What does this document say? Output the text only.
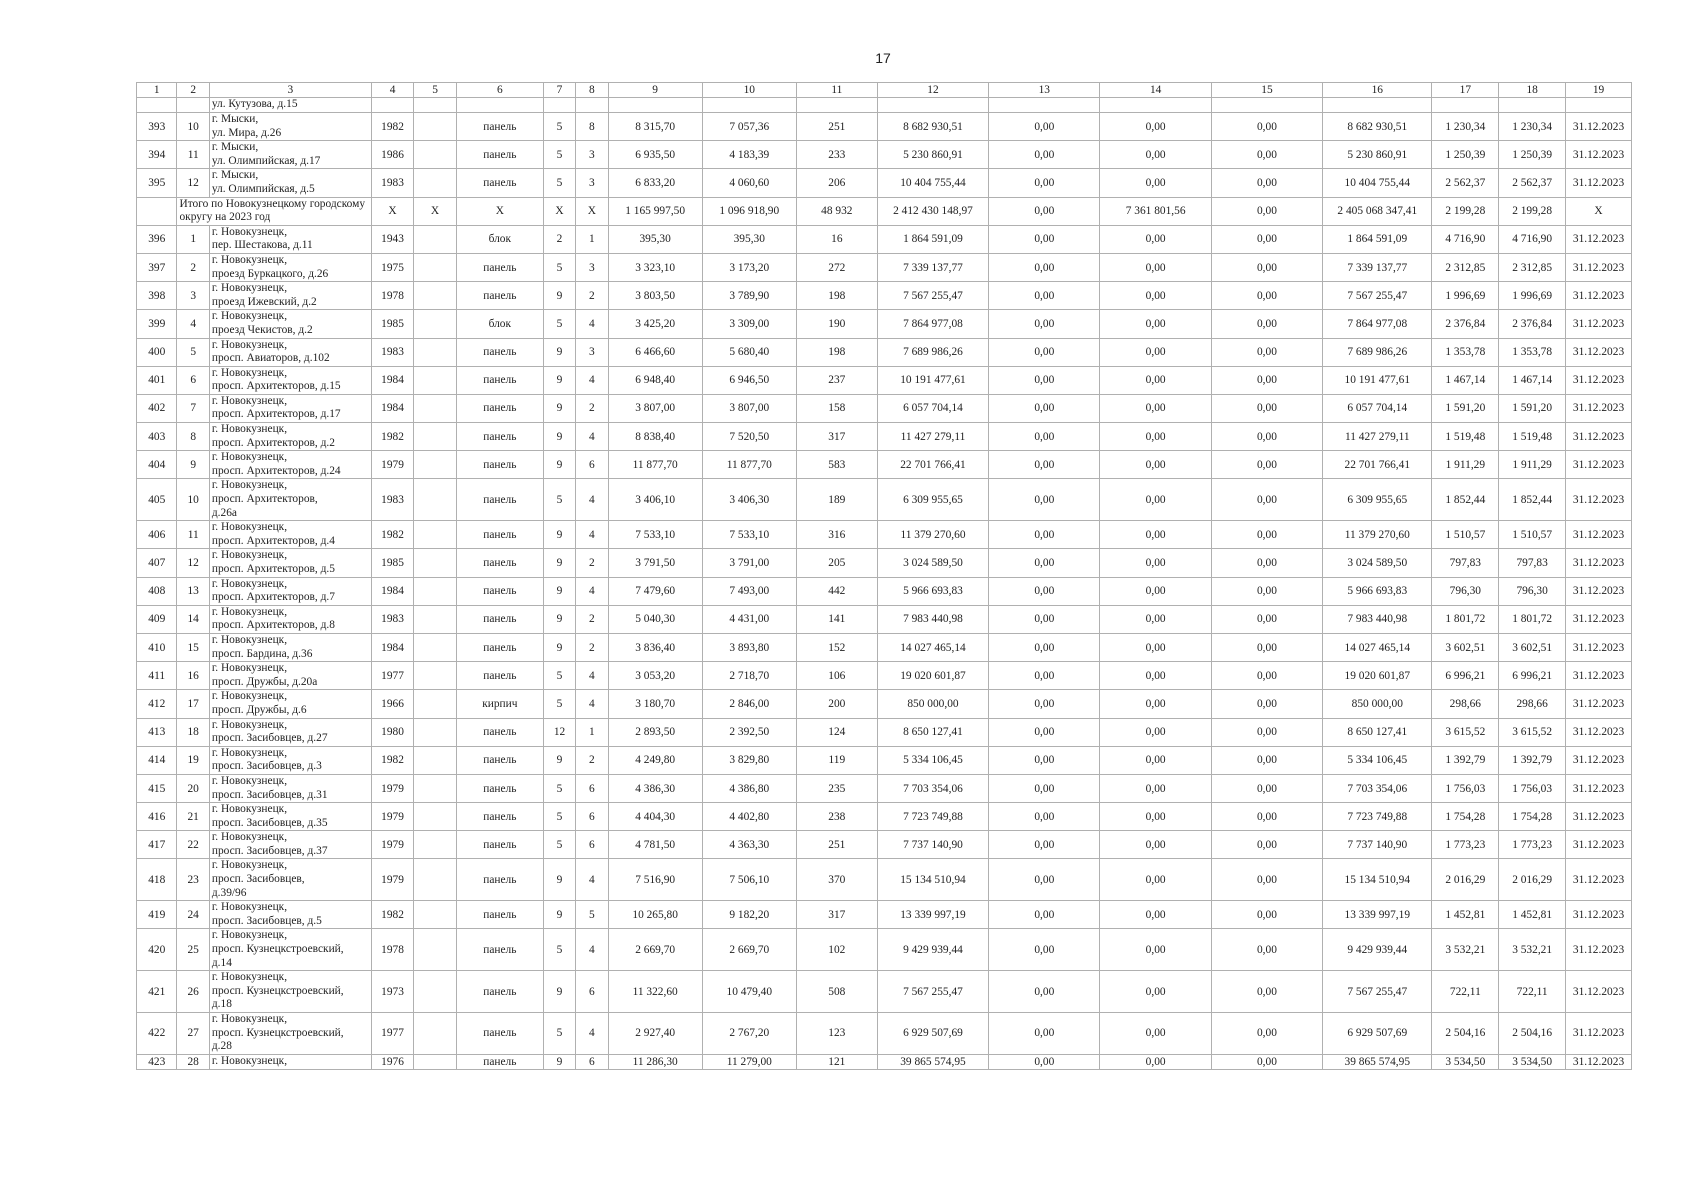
17
1	2	3	4	5	6	7	8	9	10	11	12	13	14	15	16	17	18	19
		ул. Кутузова, д.15																
393	10	г. Мыски,
ул. Мира, д.26	1982		панель	5	8	8 315,70	7 057,36	251	8 682 930,51	0,00	0,00	0,00	8 682 930,51	1 230,34	1 230,34	31.12.2023
394	11	г. Мыски,
ул. Олимпийская, д.17	1986		панель	5	3	6 935,50	4 183,39	233	5 230 860,91	0,00	0,00	0,00	5 230 860,91	1 250,39	1 250,39	31.12.2023
395	12	г. Мыски,
ул. Олимпийская, д.5	1983		панель	5	3	6 833,20	4 060,60	206	10 404 755,44	0,00	0,00	0,00	10 404 755,44	2 562,37	2 562,37	31.12.2023
	Итого по Новокузнецкому городскому округу на 2023 год		X	X	X	X	X	1 165 997,50	1 096 918,90	48 932	2 412 430 148,97	0,00	7 361 801,56	0,00	2 405 068 347,41	2 199,28	2 199,28	X
396	1	г. Новокузнецк,
пер. Шестакова, д.11	1943		блок	2	1	395,30	395,30	16	1 864 591,09	0,00	0,00	0,00	1 864 591,09	4 716,90	4 716,90	31.12.2023
397	2	г. Новокузнецк,
проезд Буркацкого, д.26	1975		панель	5	3	3 323,10	3 173,20	272	7 339 137,77	0,00	0,00	0,00	7 339 137,77	2 312,85	2 312,85	31.12.2023
398	3	г. Новокузнецк,
проезд Ижевский, д.2	1978		панель	9	2	3 803,50	3 789,90	198	7 567 255,47	0,00	0,00	0,00	7 567 255,47	1 996,69	1 996,69	31.12.2023
399	4	г. Новокузнецк,
проезд Чекистов, д.2	1985		блок	5	4	3 425,20	3 309,00	190	7 864 977,08	0,00	0,00	0,00	7 864 977,08	2 376,84	2 376,84	31.12.2023
400	5	г. Новокузнецк,
просп. Авиаторов, д.102	1983		панель	9	3	6 466,60	5 680,40	198	7 689 986,26	0,00	0,00	0,00	7 689 986,26	1 353,78	1 353,78	31.12.2023
401	6	г. Новокузнецк,
просп. Архитекторов, д.15	1984		панель	9	4	6 948,40	6 946,50	237	10 191 477,61	0,00	0,00	0,00	10 191 477,61	1 467,14	1 467,14	31.12.2023
402	7	г. Новокузнецк,
просп. Архитекторов, д.17	1984		панель	9	2	3 807,00	3 807,00	158	6 057 704,14	0,00	0,00	0,00	6 057 704,14	1 591,20	1 591,20	31.12.2023
403	8	г. Новокузнецк,
просп. Архитекторов, д.2	1982		панель	9	4	8 838,40	7 520,50	317	11 427 279,11	0,00	0,00	0,00	11 427 279,11	1 519,48	1 519,48	31.12.2023
404	9	г. Новокузнецк,
просп. Архитекторов, д.24	1979		панель	9	6	11 877,70	11 877,70	583	22 701 766,41	0,00	0,00	0,00	22 701 766,41	1 911,29	1 911,29	31.12.2023
405	10	г. Новокузнецк,
просп. Архитекторов,
д.26а	1983		панель	5	4	3 406,10	3 406,30	189	6 309 955,65	0,00	0,00	0,00	6 309 955,65	1 852,44	1 852,44	31.12.2023
406	11	г. Новокузнецк,
просп. Архитекторов, д.4	1982		панель	9	4	7 533,10	7 533,10	316	11 379 270,60	0,00	0,00	0,00	11 379 270,60	1 510,57	1 510,57	31.12.2023
407	12	г. Новокузнецк,
просп. Архитекторов, д.5	1985		панель	9	2	3 791,50	3 791,00	205	3 024 589,50	0,00	0,00	0,00	3 024 589,50	797,83	797,83	31.12.2023
408	13	г. Новокузнецк,
просп. Архитекторов, д.7	1984		панель	9	4	7 479,60	7 493,00	442	5 966 693,83	0,00	0,00	0,00	5 966 693,83	796,30	796,30	31.12.2023
409	14	г. Новокузнецк,
просп. Архитекторов, д.8	1983		панель	9	2	5 040,30	4 431,00	141	7 983 440,98	0,00	0,00	0,00	7 983 440,98	1 801,72	1 801,72	31.12.2023
410	15	г. Новокузнецк,
просп. Бардина, д.36	1984		панель	9	2	3 836,40	3 893,80	152	14 027 465,14	0,00	0,00	0,00	14 027 465,14	3 602,51	3 602,51	31.12.2023
411	16	г. Новокузнецк,
просп. Дружбы, д.20а	1977		панель	5	4	3 053,20	2 718,70	106	19 020 601,87	0,00	0,00	0,00	19 020 601,87	6 996,21	6 996,21	31.12.2023
412	17	г. Новокузнецк,
просп. Дружбы, д.6	1966		кирпич	5	4	3 180,70	2 846,00	200	850 000,00	0,00	0,00	0,00	850 000,00	298,66	298,66	31.12.2023
413	18	г. Новокузнецк,
просп. Засибовцев, д.27	1980		панель	12	1	2 893,50	2 392,50	124	8 650 127,41	0,00	0,00	0,00	8 650 127,41	3 615,52	3 615,52	31.12.2023
414	19	г. Новокузнецк,
просп. Засибовцев, д.3	1982		панель	9	2	4 249,80	3 829,80	119	5 334 106,45	0,00	0,00	0,00	5 334 106,45	1 392,79	1 392,79	31.12.2023
415	20	г. Новокузнецк,
просп. Засибовцев, д.31	1979		панель	5	6	4 386,30	4 386,80	235	7 703 354,06	0,00	0,00	0,00	7 703 354,06	1 756,03	1 756,03	31.12.2023
416	21	г. Новокузнецк,
просп. Засибовцев, д.35	1979		панель	5	6	4 404,30	4 402,80	238	7 723 749,88	0,00	0,00	0,00	7 723 749,88	1 754,28	1 754,28	31.12.2023
417	22	г. Новокузнецк,
просп. Засибовцев, д.37	1979		панель	5	6	4 781,50	4 363,30	251	7 737 140,90	0,00	0,00	0,00	7 737 140,90	1 773,23	1 773,23	31.12.2023
418	23	г. Новокузнецк,
просп. Засибовцев,
д.39/96	1979		панель	9	4	7 516,90	7 506,10	370	15 134 510,94	0,00	0,00	0,00	15 134 510,94	2 016,29	2 016,29	31.12.2023
419	24	г. Новокузнецк,
просп. Засибовцев, д.5	1982		панель	9	5	10 265,80	9 182,20	317	13 339 997,19	0,00	0,00	0,00	13 339 997,19	1 452,81	1 452,81	31.12.2023
420	25	г. Новокузнецк,
просп. Кузнецкстроевский,
д.14	1978		панель	5	4	2 669,70	2 669,70	102	9 429 939,44	0,00	0,00	0,00	9 429 939,44	3 532,21	3 532,21	31.12.2023
421	26	г. Новокузнецк,
просп. Кузнецкстроевский,
д.18	1973		панель	9	6	11 322,60	10 479,40	508	7 567 255,47	0,00	0,00	0,00	7 567 255,47	722,11	722,11	31.12.2023
422	27	г. Новокузнецк,
просп. Кузнецкстроевский,
д.28	1977		панель	5	4	2 927,40	2 767,20	123	6 929 507,69	0,00	0,00	0,00	6 929 507,69	2 504,16	2 504,16	31.12.2023
423	28	г. Новокузнецк,	1976		панель	9	6	11 286,30	11 279,00	121	39 865 574,95	0,00	0,00	0,00	39 865 574,95	3 534,50	3 534,50	31.12.2023
